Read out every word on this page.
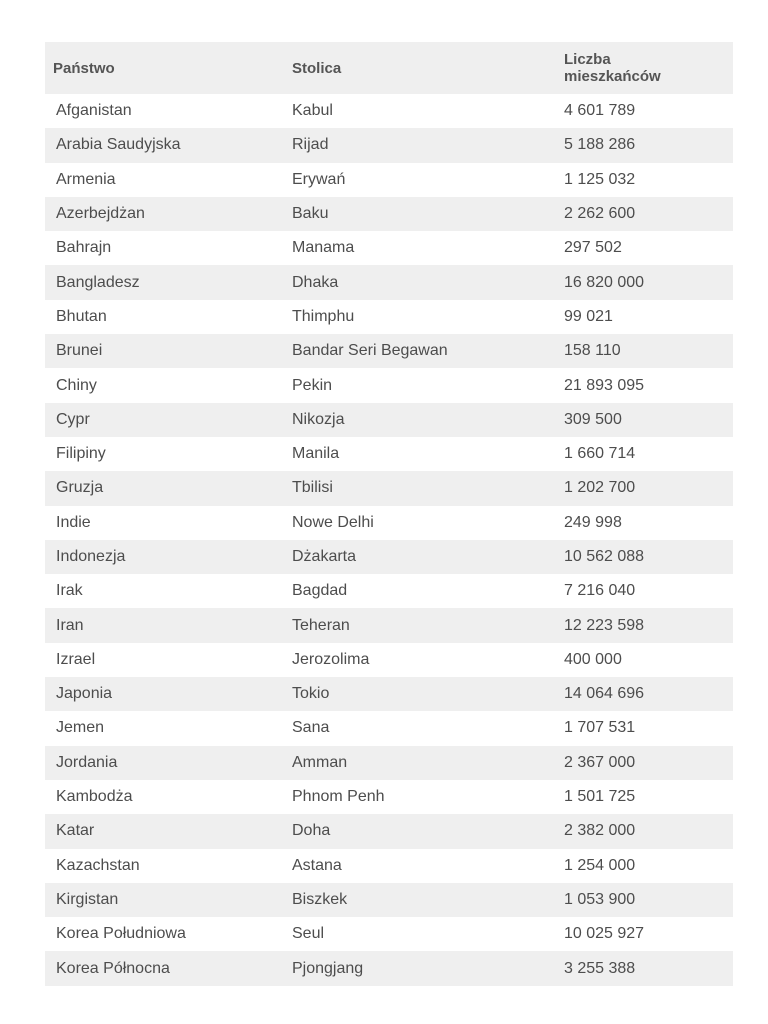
Państwo	Stolica	Liczba
mieszkańców

Afganistan	Kabul	4 601 789
Arabia Saudyjska	Rijad	5 188 286
Armenia	Erywań	1 125 032
Azerbejdżan	Baku	2 262 600
Bahrajn	Manama	297 502
Bangladesz	Dhaka	16 820 000
Bhutan	Thimphu	99 021
Brunei	Bandar Seri Begawan	158 110
Chiny	Pekin	21 893 095
Cypr	Nikozja	309 500
Filipiny	Manila	1 660 714
Gruzja	Tbilisi	1 202 700
Indie	Nowe Delhi	249 998
Indonezja	Dżakarta	10 562 088
Irak	Bagdad	7 216 040
Iran	Teheran	12 223 598
Izrael	Jerozolima	400 000
Japonia	Tokio	14 064 696
Jemen	Sana	1 707 531
Jordania	Amman	2 367 000
Kambodża	Phnom Penh	1 501 725
Katar	Doha	2 382 000
Kazachstan	Astana	1 254 000
Kirgistan	Biszkek	1 053 900
Korea Południowa	Seul	10 025 927
Korea Północna	Pjongjang	3 255 388
